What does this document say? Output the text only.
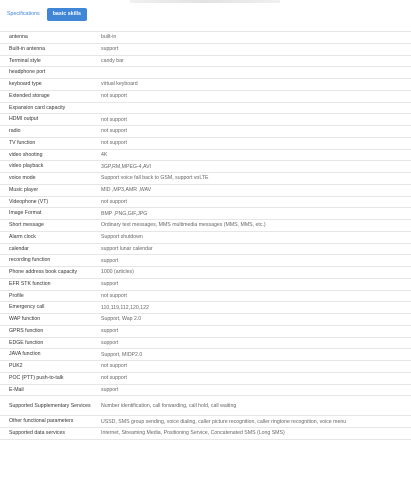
Specifications	basic skills
antenna	built-in
Built-in antenna	support
Terminal style	candy bar
headphone port
keyboard type	virtual keyboard
Extended storage	not support
Expansion card capacity
HDMI output	not support
radio	not support
TV function	not support
video shooting	4K
video playback	3GP,RM,MPEG-4,AVI
voice mode	Support voice fall back to GSM, support voLTE
Music player	MID ,MP3,AMR ,WAV
Videophone (VT)	not support
Image Format	BMP ,PNG,GIF,JPG
Short message	Ordinary text messages, MMS multimedia messages (MMS, MMS, etc.)
Alarm clock	Support shutdown
calendar	support lunar calendar
recording function	support
Phone address book capacity	1000 (articles)
EFR STK function	support
Profile	not support
Emergency call	110,119,112,120,122
WAP function	Support, Wap 2.0
GPRS function	support
EDGE function	support
JAVA function	Support, MIDP2.0
PUK2	not support
POC (PTT) push-to-talk	not support
E-Mail	support
Supported Supplementary Services	Number identification, call forwarding, call hold, call waiting
Other functional parameters	USSD, SMS group sending, voice dialing, caller picture recognition, caller ringtone recognition, voice menu
Supported data services	Internet, Streaming Media, Positioning Service, Concatenated SMS (Long SMS)
